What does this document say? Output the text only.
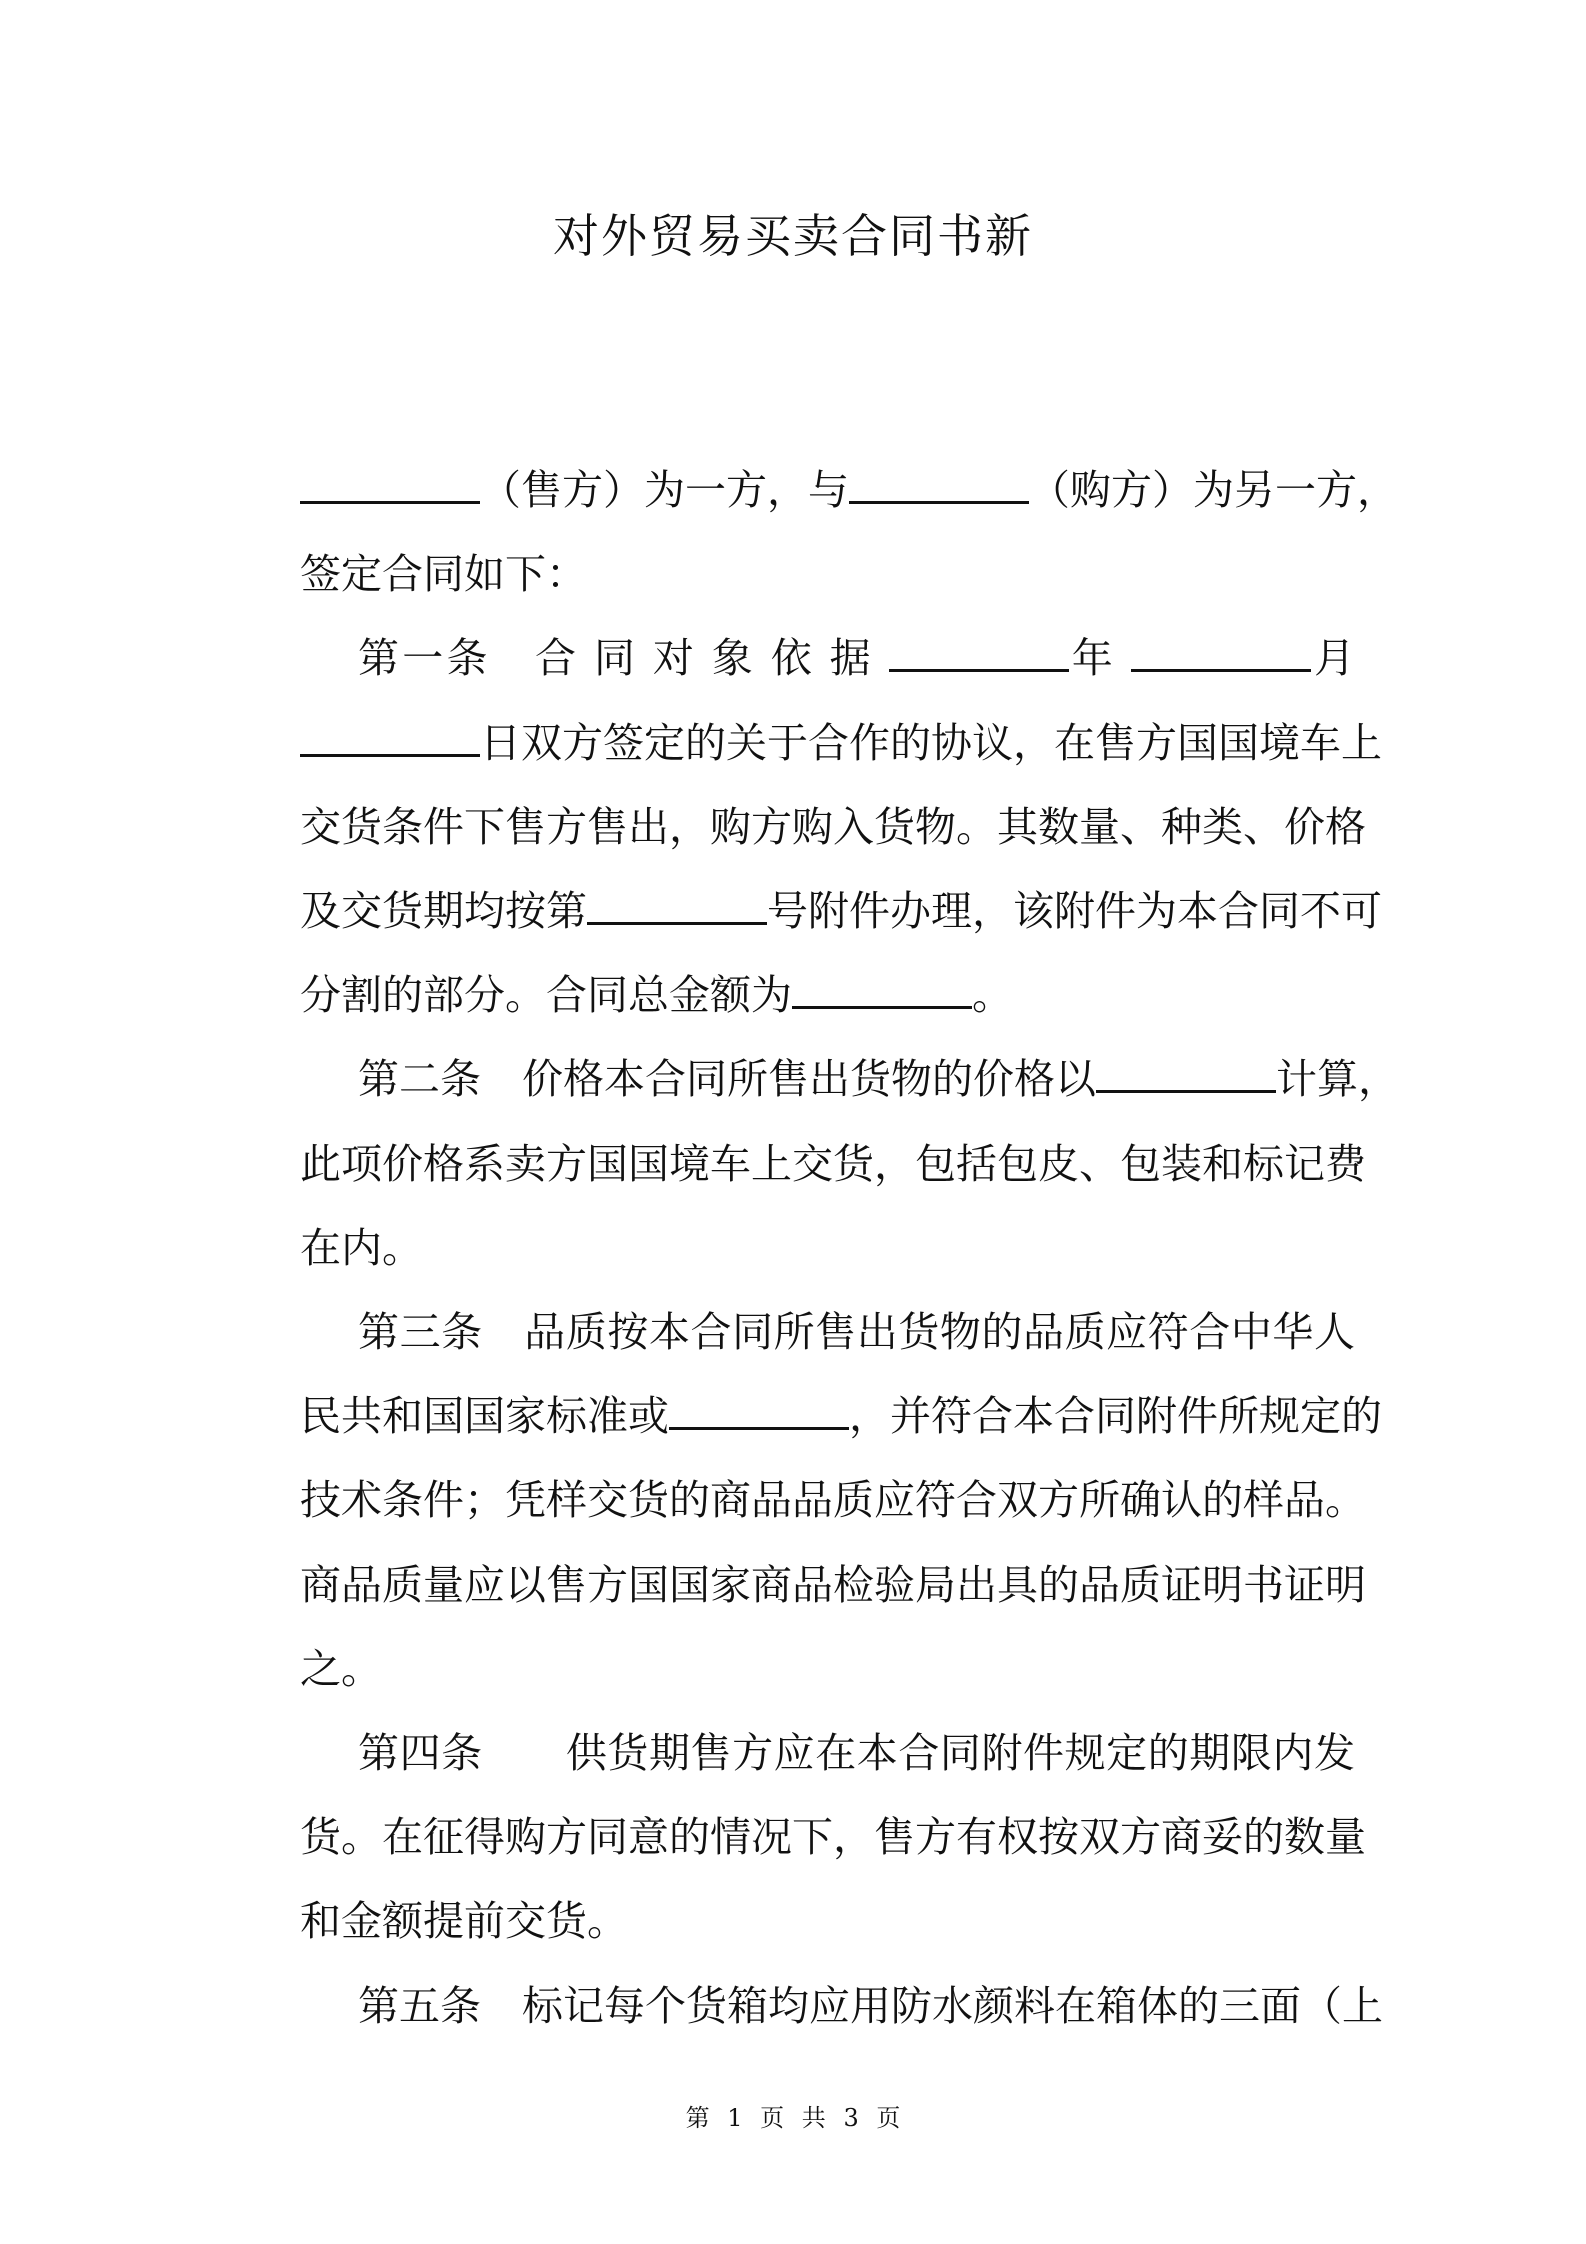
对外贸易买卖合同书新
（售方）为一方，与	（购方）为另一方，
签定合同如下：
第一条　合 同 对 象 依 据	年	月
日双方签定的关于合作的协议，在售方国国境车上
交货条件下售方售出，购方购入货物。其数量、种类、价格
及交货期均按第	号附件办理，该附件为本合同不可
分割的部分。合同总金额为	。
第二条　价格本合同所售出货物的价格以	计算，
此项价格系卖方国国境车上交货，包括包皮、包装和标记费
在内。
第三条　品质按本合同所售出货物的品质应符合中华人
民共和国国家标准或	，并符合本合同附件所规定的
技术条件；凭样交货的商品品质应符合双方所确认的样品。
商品质量应以售方国国家商品检验局出具的品质证明书证明
之。
第四条　　供货期售方应在本合同附件规定的期限内发
货。在征得购方同意的情况下，售方有权按双方商妥的数量
和金额提前交货。
第五条　标记每个货箱均应用防水颜料在箱体的三面（上
第 1 页 共 3 页
